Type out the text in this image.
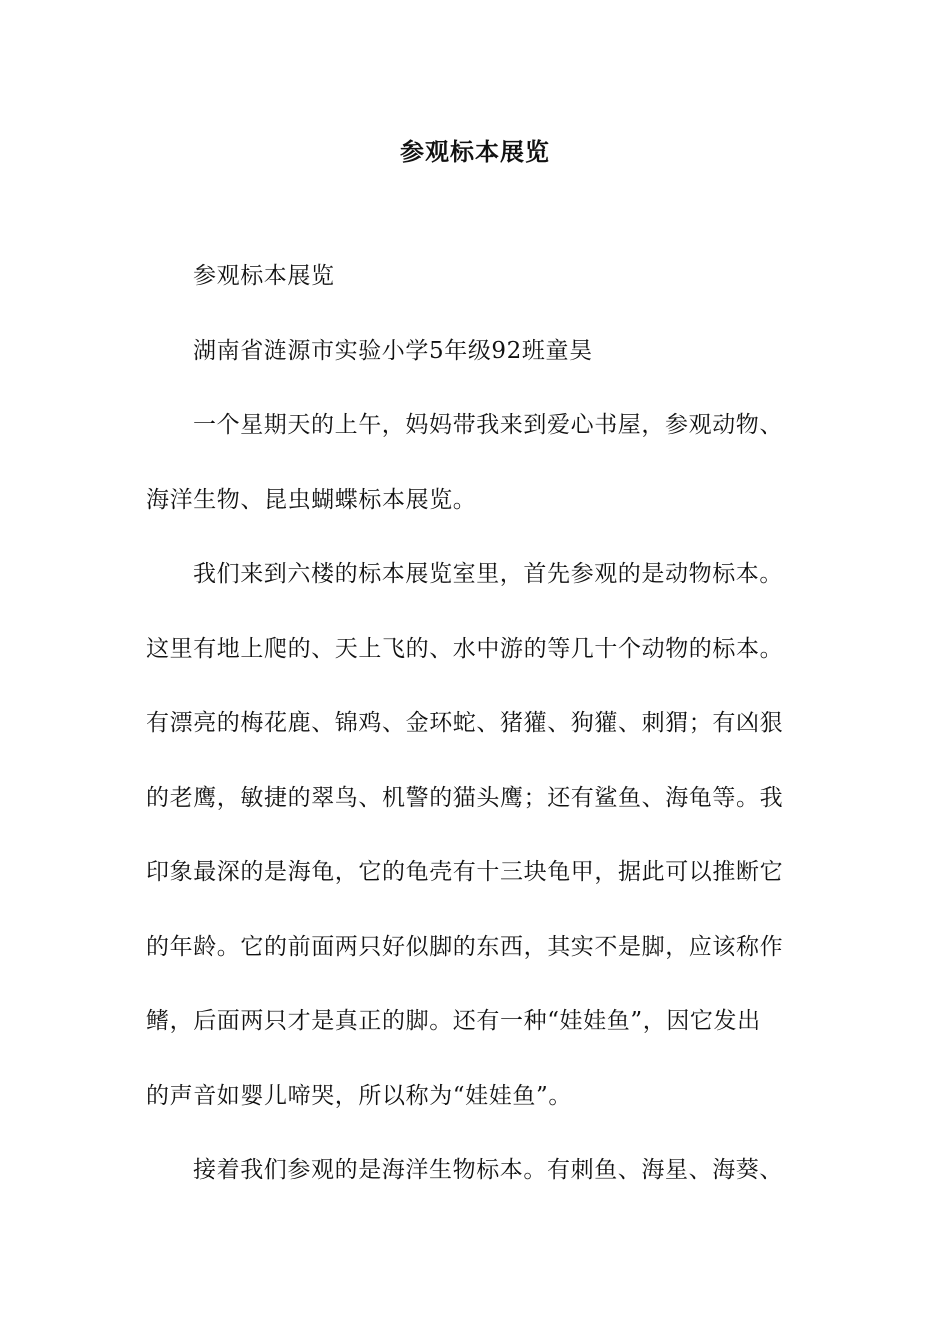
参观标本展览

参观标本展览

湖南省涟源市实验小学5年级92班童昊

一个星期天的上午，妈妈带我来到爱心书屋，参观动物、

海洋生物、昆虫蝴蝶标本展览。

我们来到六楼的标本展览室里，首先参观的是动物标本。

这里有地上爬的、天上飞的、水中游的等几十个动物的标本。

有漂亮的梅花鹿、锦鸡、金环蛇、猪獾、狗獾、刺猬；有凶狠

的老鹰，敏捷的翠鸟、机警的猫头鹰；还有鲨鱼、海龟等。我

印象最深的是海龟，它的龟壳有十三块龟甲，据此可以推断它

的年龄。它的前面两只好似脚的东西，其实不是脚，应该称作

鳍，后面两只才是真正的脚。还有一种“娃娃鱼”，因它发出

的声音如婴儿啼哭，所以称为“娃娃鱼”。

接着我们参观的是海洋生物标本。有刺鱼、海星、海葵、
